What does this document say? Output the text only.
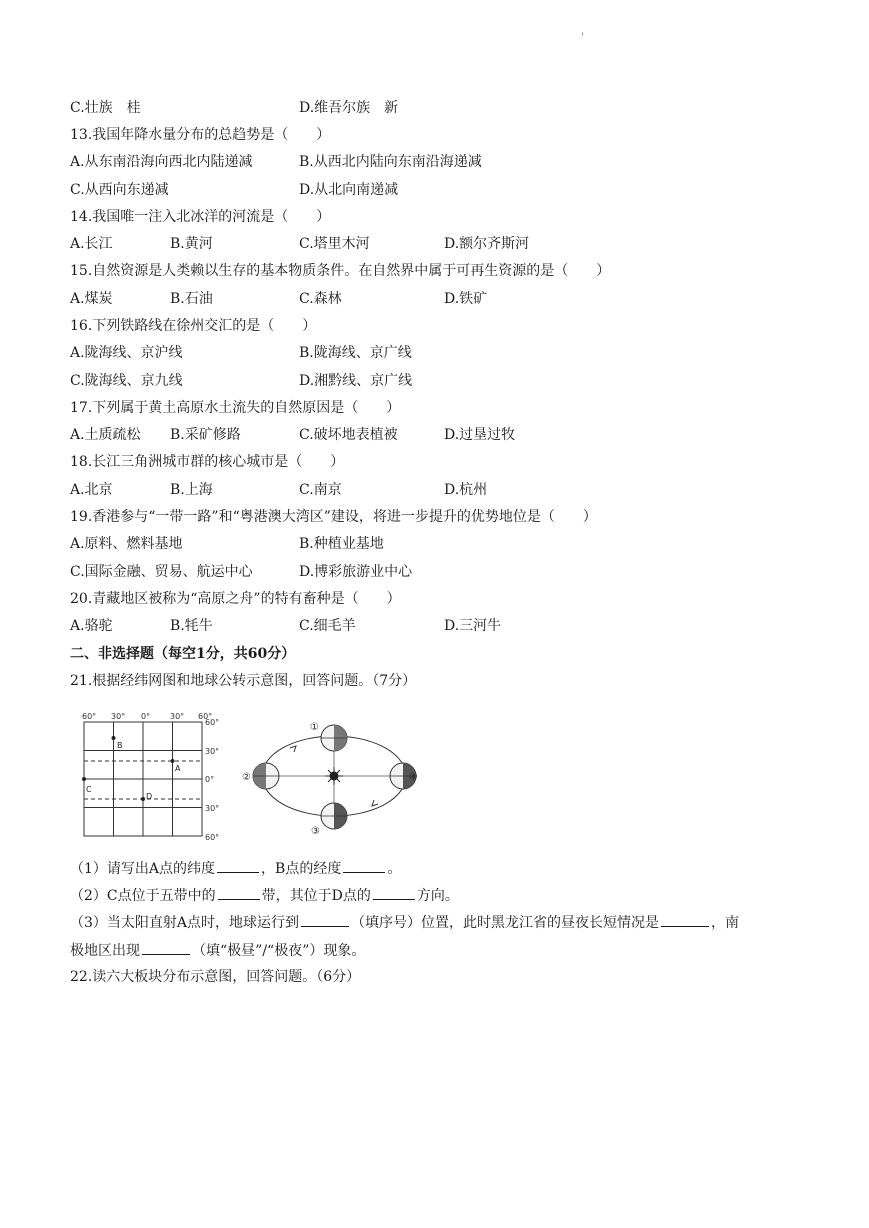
'
C.壮族　桂	D.维吾尔族　新
13.我国年降水量分布的总趋势是（　　）
A.从东南沿海向西北内陆递减	B.从西北内陆向东南沿海递减
C.从西向东递减	D.从北向南递减
14.我国唯一注入北冰洋的河流是（　　）
A.长江	B.黄河	C.塔里木河	D.额尔齐斯河
15.自然资源是人类赖以生存的基本物质条件。在自然界中属于可再生资源的是（　　）
A.煤炭	B.石油	C.森林	D.铁矿
16.下列铁路线在徐州交汇的是（　　）
A.陇海线、京沪线	B.陇海线、京广线
C.陇海线、京九线	D.湘黔线、京广线
17.下列属于黄土高原水土流失的自然原因是（　　）
A.土质疏松 B.采矿修路	C.破坏地表植被	D.过垦过牧
18.长江三角洲城市群的核心城市是（　　）
A.北京	B.上海	C.南京	D.杭州
19.香港参与“一带一路”和“粤港澳大湾区”建设，将进一步提升的优势地位是（　　）
A.原料、燃料基地	B.种植业基地
C.国际金融、贸易、航运中心	D.博彩旅游业中心
20.青藏地区被称为“高原之舟”的特有畜种是（　　）
A.骆驼	B.牦牛	C.细毛羊	D.三河牛
二、非选择题（每空1分，共60分）
21.根据经纬网图和地球公转示意图，回答问题。（7分）
60° 30° 0° 30° 60°
60°
30°
0°
30°
60°
B
A
C
D
①
②
③
④
（1）请写出A点的纬度	，B点的经度	。
（2）C点位于五带中的	带，其位于D点的	方向。
（3）当太阳直射A点时，地球运行到	（填序号）位置，此时黑龙江省的昼夜长短情况是	，南
极地区出现	（填“极昼”/“极夜”）现象。
22.读六大板块分布示意图，回答问题。（6分）
